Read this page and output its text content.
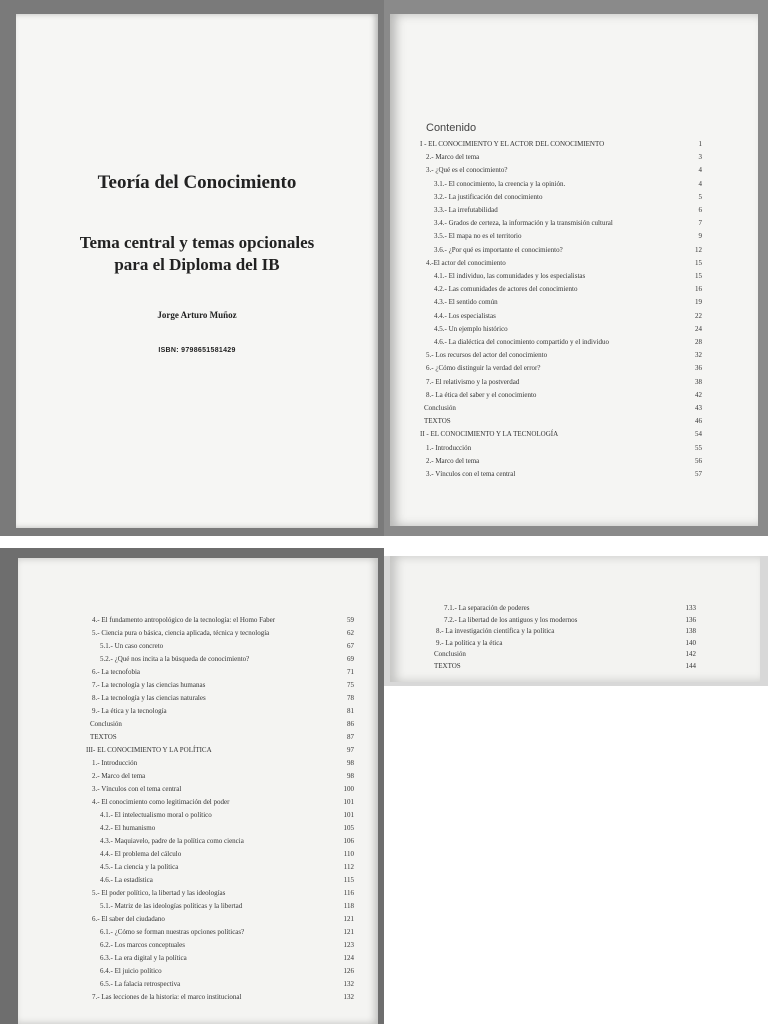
Teoría del Conocimiento
Tema central y temas opcionales
para el Diploma del IB
Jorge Arturo Muñoz
ISBN: 9798651581429
Contenido
I - EL CONOCIMIENTO Y EL ACTOR DEL CONOCIMIENTO	1
2.- Marco del tema	3
3.- ¿Qué es el conocimiento?	4
3.1.- El conocimiento, la creencia y la opinión.	4
3.2.- La justificación del conocimiento	5
3.3.- La irrefutabilidad	6
3.4.- Grados de certeza, la información y la transmisión cultural	7
3.5.- El mapa no es el territorio	9
3.6.- ¿Por qué es importante el conocimiento?	12
4.-El actor del conocimiento	15
4.1.- El individuo, las comunidades y los especialistas	15
4.2.- Las comunidades de actores del conocimiento	16
4.3.- El sentido común	19
4.4.- Los especialistas	22
4.5.- Un ejemplo histórico	24
4.6.- La dialéctica del conocimiento compartido y el individuo	28
5.- Los recursos del actor del conocimiento	32
6.- ¿Cómo distinguir la verdad del error?	36
7.- El relativismo y la postverdad	38
8.- La ética del saber y el conocimiento	42
Conclusión	43
TEXTOS	46
II - EL CONOCIMIENTO Y LA TECNOLOGÍA	54
1.- Introducción	55
2.- Marco del tema	56
3.- Vínculos con el tema central	57
4.- El fundamento antropológico de la tecnología: el Homo Faber	59
5.- Ciencia pura o básica, ciencia aplicada, técnica y tecnología	62
5.1.- Un caso concreto	67
5.2.- ¿Qué nos incita a la búsqueda de conocimiento?	69
6.- La tecnofobia	71
7.- La tecnología y las ciencias humanas	75
8.- La tecnología y las ciencias naturales	78
9.- La ética y la tecnología	81
Conclusión	86
TEXTOS	87
III- EL CONOCIMIENTO Y LA POLÍTICA	97
1.- Introducción	98
2.- Marco del tema	98
3.- Vínculos con el tema central	100
4.- El conocimiento como legitimación del poder	101
4.1.- El intelectualismo moral o político	101
4.2.- El humanismo	105
4.3.- Maquiavelo, padre de la política como ciencia	106
4.4.- El problema del cálculo	110
4.5.- La ciencia y la política	112
4.6.- La estadística	115
5.- El poder político, la libertad y las ideologías	116
5.1.- Matriz de las ideologías políticas y la libertad	118
6.- El saber del ciudadano	121
6.1.- ¿Cómo se forman nuestras opciones políticas?	121
6.2.- Los marcos conceptuales	123
6.3.- La era digital y la política	124
6.4.- El juicio político	126
6.5.- La falacia retrospectiva	132
7.- Las lecciones de la historia: el marco institucional	132
7.1.- La separación de poderes	133
7.2.- La libertad de los antiguos y los modernos	136
8.- La investigación científica y la política	138
9.- La política y la ética	140
Conclusión	142
TEXTOS	144
